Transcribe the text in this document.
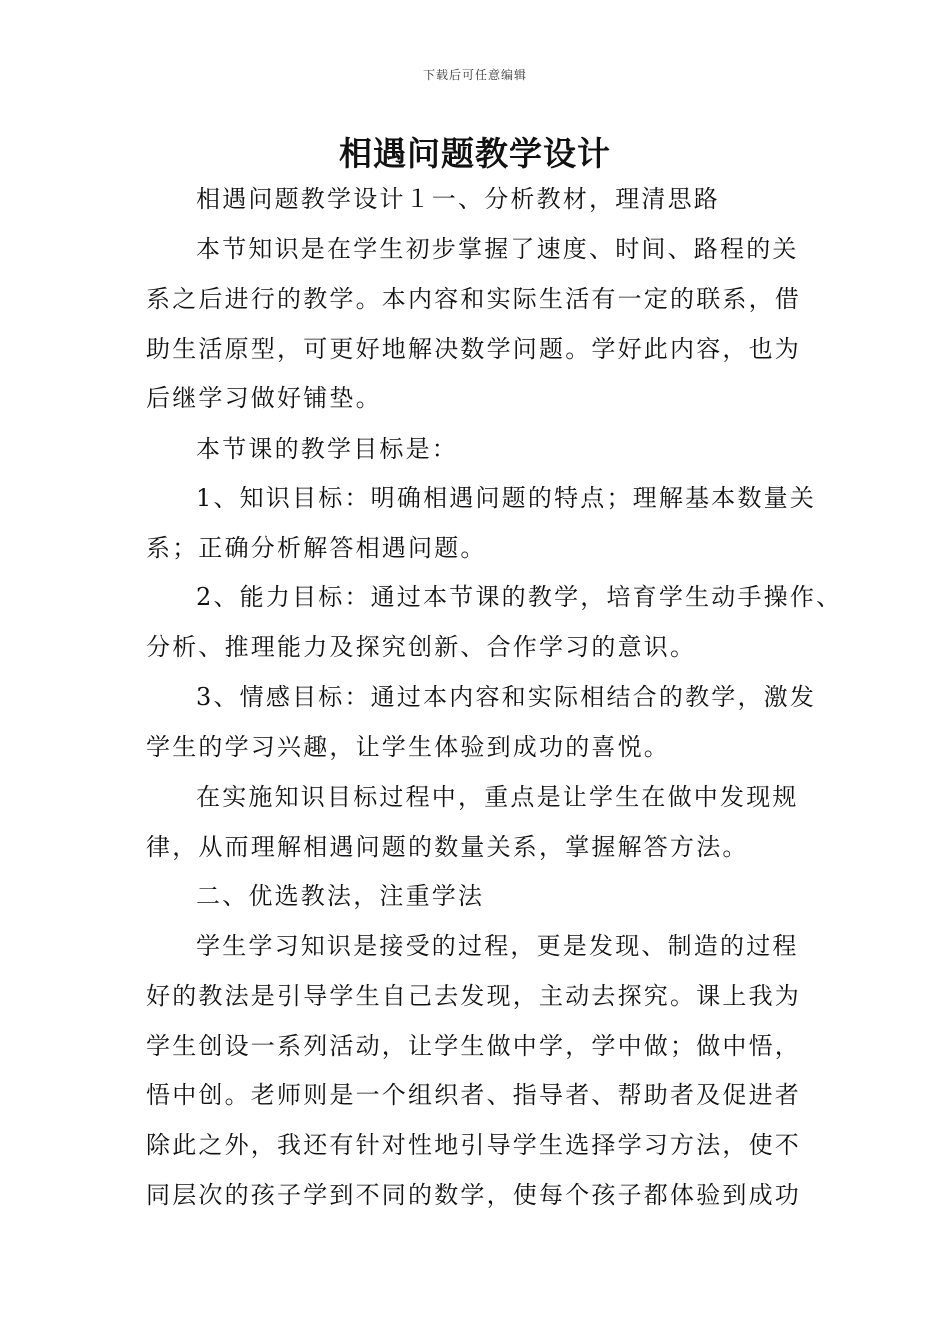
下载后可任意编辑
相遇问题教学设计
相遇问题教学设计１一、分析教材，理清思路
本节知识是在学生初步掌握了速度、时间、路程的关
系之后进行的教学。本内容和实际生活有一定的联系，借
助生活原型，可更好地解决数学问题。学好此内容，也为
后继学习做好铺垫。
本节课的教学目标是：
1、知识目标：明确相遇问题的特点；理解基本数量关
系；正确分析解答相遇问题。
2、能力目标：通过本节课的教学，培育学生动手操作、
分析、推理能力及探究创新、合作学习的意识。
3、情感目标：通过本内容和实际相结合的教学，激发
学生的学习兴趣，让学生体验到成功的喜悦。
在实施知识目标过程中，重点是让学生在做中发现规
律，从而理解相遇问题的数量关系，掌握解答方法。
二、优选教法，注重学法
学生学习知识是接受的过程，更是发现、制造的过程
好的教法是引导学生自己去发现，主动去探究。课上我为
学生创设一系列活动，让学生做中学，学中做；做中悟，
悟中创。老师则是一个组织者、指导者、帮助者及促进者
除此之外，我还有针对性地引导学生选择学习方法，使不
同层次的孩子学到不同的数学，使每个孩子都体验到成功
